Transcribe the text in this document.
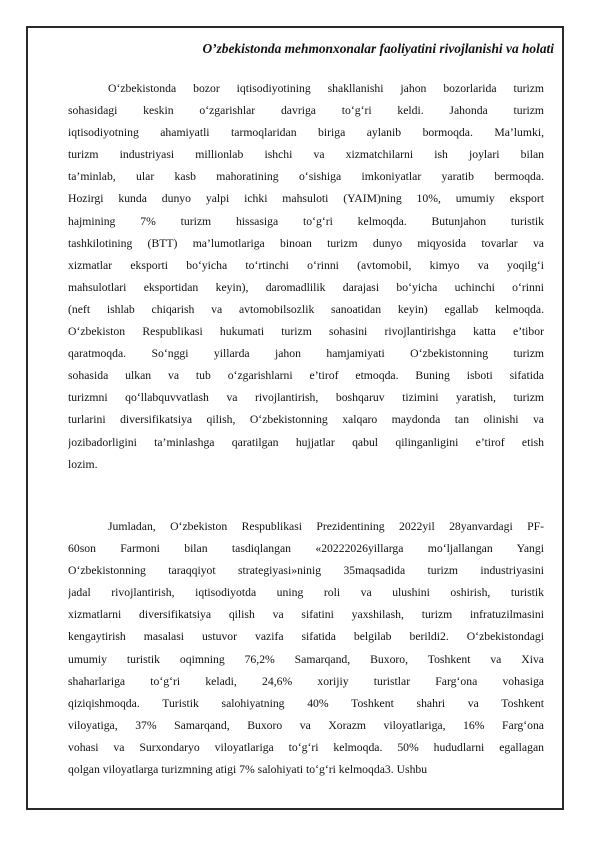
O’zbekistonda mehmonxonalar faoliyatini rivojlanishi va holati
O‘zbekistonda bozor iqtisodiyotining shakllanishi jahon bozorlarida turizm
sohasidagi keskin o‘zgarishlar davriga to‘g‘ri keldi. Jahonda turizm
iqtisodiyotning ahamiyatli tarmoqlaridan biriga aylanib bormoqda. Ma’lumki,
turizm industriyasi millionlab ishchi va xizmatchilarni ish joylari bilan
ta’minlab, ular kasb mahoratining o‘sishiga imkoniyatlar yaratib bermoqda.
Hozirgi kunda dunyo yalpi ichki mahsuloti (YAIM)ning 10%, umumiy eksport
hajmining 7% turizm hissasiga to‘g‘ri kelmoqda. Butunjahon turistik
tashkilotining (BTT) ma’lumotlariga binoan turizm dunyo miqyosida tovarlar va
xizmatlar eksporti bo‘yicha to‘rtinchi o‘rinni (avtomobil, kimyo va yoqilg‘i
mahsulotlari eksportidan keyin), daromadlilik darajasi bo‘yicha uchinchi o‘rinni
(neft ishlab chiqarish va avtomobilsozlik sanoatidan keyin) egallab kelmoqda.
O‘zbekiston Respublikasi hukumati turizm sohasini rivojlantirishga katta e’tibor
qaratmoqda. So‘nggi yillarda jahon hamjamiyati O‘zbekistonning turizm
sohasida ulkan va tub o‘zgarishlarni e’tirof etmoqda. Buning isboti sifatida
turizmni qo‘llabquvvatlash va rivojlantirish, boshqaruv tizimini yaratish, turizm
turlarini diversifikatsiya qilish, O‘zbekistonning xalqaro maydonda tan olinishi va
jozibadorligini ta’minlashga qaratilgan hujjatlar qabul qilinganligini e’tirof etish
lozim.
Jumladan, O‘zbekiston Respublikasi Prezidentining 2022yil 28yanvardagi PF-
60son Farmoni bilan tasdiqlangan «20222026yillarga mo‘ljallangan Yangi
O‘zbekistonning taraqqiyot strategiyasi»ninig 35maqsadida turizm industriyasini
jadal rivojlantirish, iqtisodiyotda uning roli va ulushini oshirish, turistik
xizmatlarni diversifikatsiya qilish va sifatini yaxshilash, turizm infratuzilmasini
kengaytirish masalasi ustuvor vazifa sifatida belgilab berildi2. O‘zbekistondagi
umumiy turistik oqimning 76,2% Samarqand, Buxoro, Toshkent va Xiva
shaharlariga to‘g‘ri keladi, 24,6% xorijiy turistlar Farg‘ona vohasiga
qiziqishmoqda. Turistik salohiyatning 40% Toshkent shahri va Toshkent
viloyatiga, 37% Samarqand, Buxoro va Xorazm viloyatlariga, 16% Farg‘ona
vohasi va Surxondaryo viloyatlariga to‘g‘ri kelmoqda. 50% hududlarni egallagan
qolgan viloyatlarga turizmning atigi 7% salohiyati to‘g‘ri kelmoqda3. Ushbu
